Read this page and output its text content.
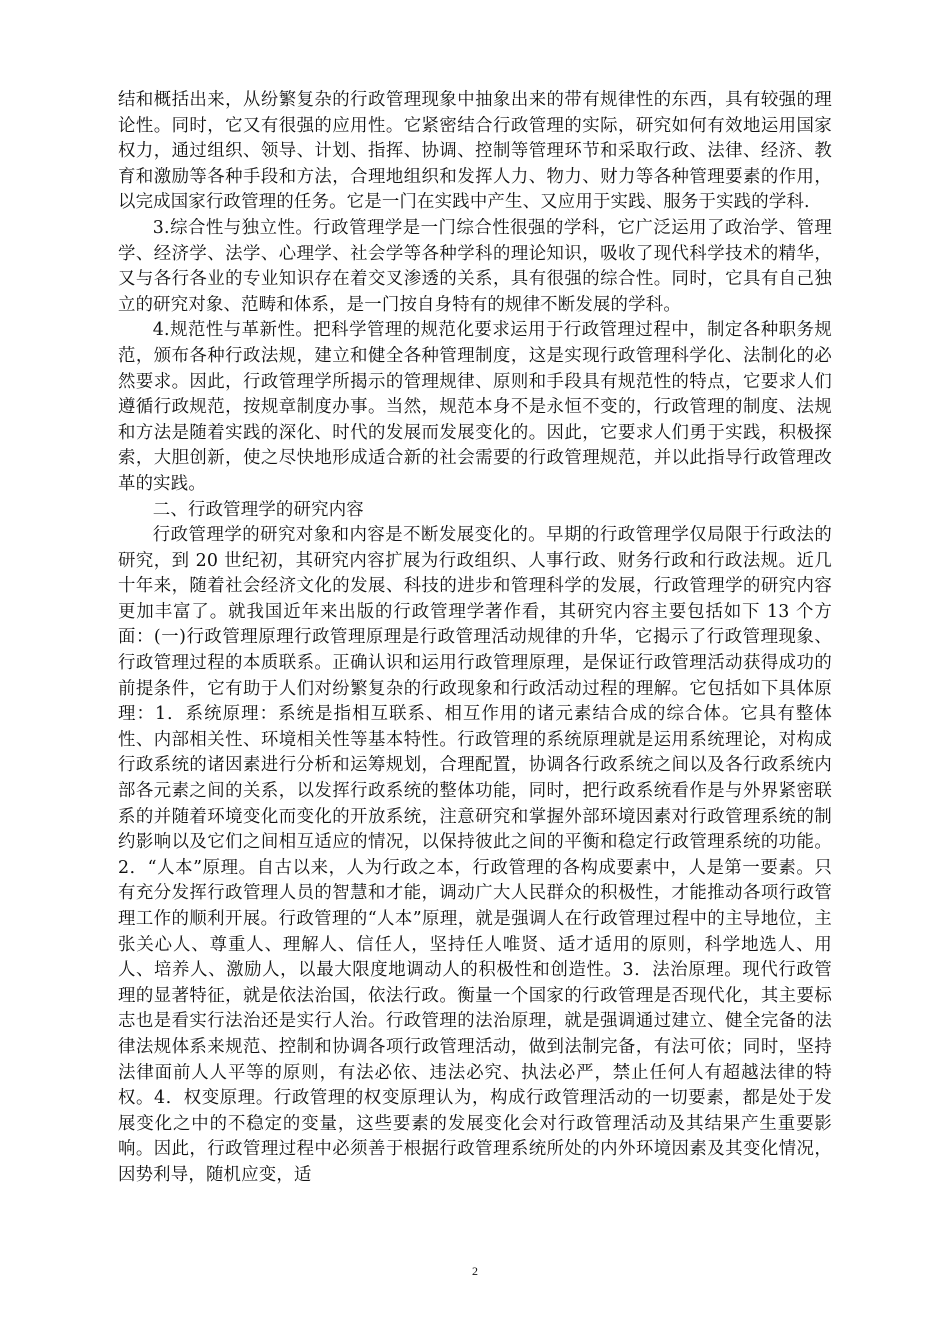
结和概括出来，从纷繁复杂的行政管理现象中抽象出来的带有规律性的东西，具有较强的理论性。同时，它又有很强的应用性。它紧密结合行政管理的实际，研究如何有效地运用国家权力，通过组织、领导、计划、指挥、协调、控制等管理环节和采取行政、法律、经济、教育和激励等各种手段和方法，合理地组织和发挥人力、物力、财力等各种管理要素的作用，以完成国家行政管理的任务。它是一门在实践中产生、又应用于实践、服务于实践的学科.

3.综合性与独立性。行政管理学是一门综合性很强的学科，它广泛运用了政治学、管理学、经济学、法学、心理学、社会学等各种学科的理论知识，吸收了现代科学技术的精华，又与各行各业的专业知识存在着交叉渗透的关系，具有很强的综合性。同时，它具有自己独立的研究对象、范畴和体系，是一门按自身特有的规律不断发展的学科。

4.规范性与革新性。把科学管理的规范化要求运用于行政管理过程中，制定各种职务规范，颁布各种行政法规，建立和健全各种管理制度，这是实现行政管理科学化、法制化的必然要求。因此，行政管理学所揭示的管理规律、原则和手段具有规范性的特点，它要求人们遵循行政规范，按规章制度办事。当然，规范本身不是永恒不变的，行政管理的制度、法规和方法是随着实践的深化、时代的发展而发展变化的。因此，它要求人们勇于实践，积极探索，大胆创新，使之尽快地形成适合新的社会需要的行政管理规范，并以此指导行政管理改革的实践。

二、行政管理学的研究内容

行政管理学的研究对象和内容是不断发展变化的。早期的行政管理学仅局限于行政法的研究，到 20 世纪初，其研究内容扩展为行政组织、人事行政、财务行政和行政法规。近几十年来，随着社会经济文化的发展、科技的进步和管理科学的发展，行政管理学的研究内容更加丰富了。就我国近年来出版的行政管理学著作看，其研究内容主要包括如下 13 个方面：(一)行政管理原理行政管理原理是行政管理活动规律的升华，它揭示了行政管理现象、行政管理过程的本质联系。正确认识和运用行政管理原理，是保证行政管理活动获得成功的前提条件，它有助于人们对纷繁复杂的行政现象和行政活动过程的理解。它包括如下具体原理：1．系统原理：系统是指相互联系、相互作用的诸元素结合成的综合体。它具有整体性、内部相关性、环境相关性等基本特性。行政管理的系统原理就是运用系统理论，对构成行政系统的诸因素进行分析和运筹规划，合理配置，协调各行政系统之间以及各行政系统内部各元素之间的关系，以发挥行政系统的整体功能，同时，把行政系统看作是与外界紧密联系的并随着环境变化而变化的开放系统，注意研究和掌握外部环境因素对行政管理系统的制约影响以及它们之间相互适应的情况，以保持彼此之间的平衡和稳定行政管理系统的功能。2．“人本”原理。自古以来，人为行政之本，行政管理的各构成要素中，人是第一要素。只有充分发挥行政管理人员的智慧和才能，调动广大人民群众的积极性，才能推动各项行政管理工作的顺利开展。行政管理的“人本”原理，就是强调人在行政管理过程中的主导地位，主张关心人、尊重人、理解人、信任人，坚持任人唯贤、适才适用的原则，科学地选人、用人、培养人、激励人，以最大限度地调动人的积极性和创造性。3．法治原理。现代行政管理的显著特征，就是依法治国，依法行政。衡量一个国家的行政管理是否现代化，其主要标志也是看实行法治还是实行人治。行政管理的法治原理，就是强调通过建立、健全完备的法律法规体系来规范、控制和协调各项行政管理活动，做到法制完备，有法可依；同时，坚持法律面前人人平等的原则，有法必依、违法必究、执法必严，禁止任何人有超越法律的特权。4．权变原理。行政管理的权变原理认为，构成行政管理活动的一切要素，都是处于发展变化之中的不稳定的变量，这些要素的发展变化会对行政管理活动及其结果产生重要影响。因此，行政管理过程中必须善于根据行政管理系统所处的内外环境因素及其变化情况，因势利导，随机应变，适

2
